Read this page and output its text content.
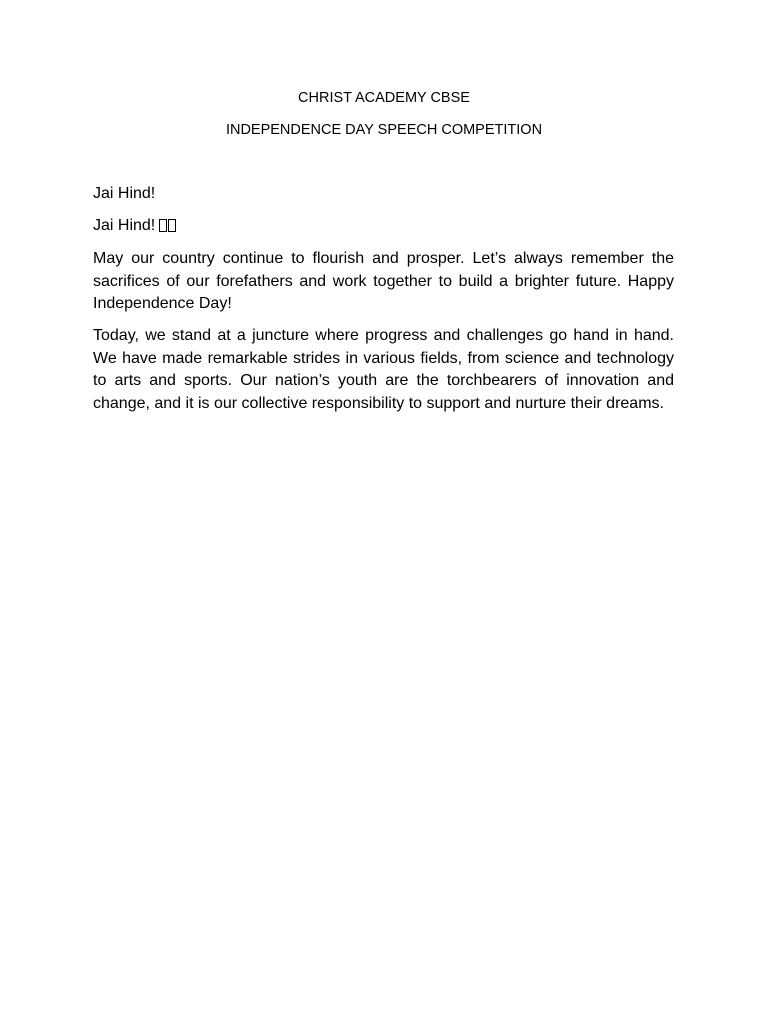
CHRIST ACADEMY CBSE

INDEPENDENCE DAY SPEECH COMPETITION

Jai Hind!

Jai Hind!

May our country continue to flourish and prosper. Let’s always remember the sacrifices of our forefathers and work together to build a brighter future. Happy Independence Day!

Today, we stand at a juncture where progress and challenges go hand in hand. We have made remarkable strides in various fields, from science and technology to arts and sports. Our nation’s youth are the torchbearers of innovation and change, and it is our collective responsibility to support and nurture their dreams.
